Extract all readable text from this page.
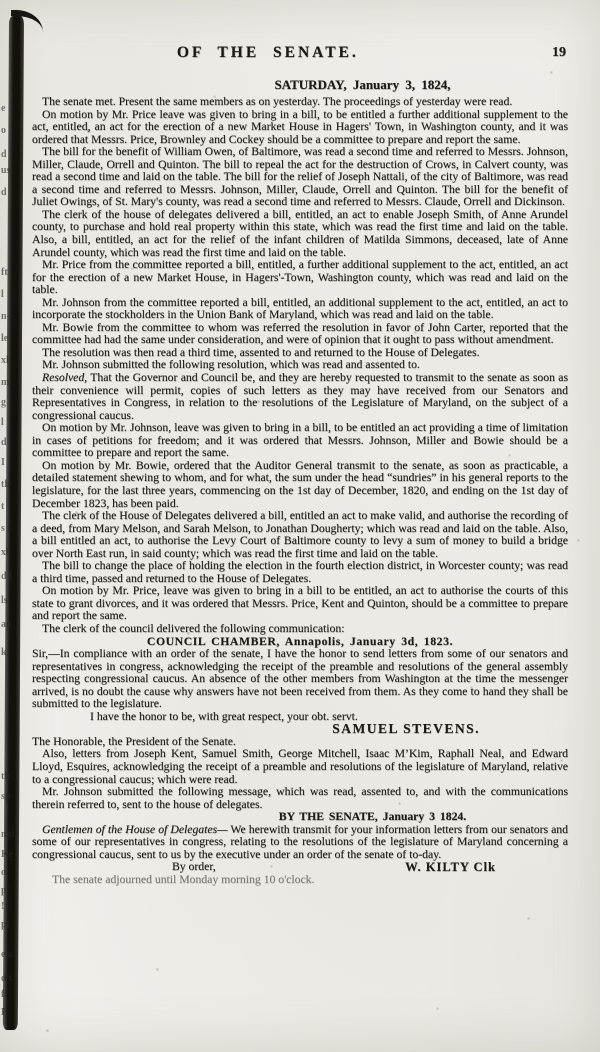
e
o
d
us
d
ft
l
n-
le
xl
m
g
l
d
I
th
t
s i
xl
d l
ls
an
k
th
sp
nai
Ke
o,
p’
!
pl
ess
d t
fi
F
OF THE SENATE.	19
SATURDAY, January 3, 1824,
The senate met. Present the same members as on yesterday. The proceedings of yesterday were read.
On motion by Mr. Price leave was given to bring in a bill, to be entitled a further additional supplement to the act, entitled, an act for the erection of a new Market House in Hagers' Town, in Washington county, and it was ordered that Messrs. Price, Brownley and Cockey should be a committee to prepare and report the same.
The bill for the benefit of William Owen, of Baltimore, was read a second time and referred to Messrs. Johnson, Miller, Claude, Orrell and Quinton. The bill to repeal the act for the destruction of Crows, in Calvert county, was read a second time and laid on the table. The bill for the relief of Joseph Nattali, of the city of Baltimore, was read a second time and referred to Messrs. Johnson, Miller, Claude, Orrell and Quinton. The bill for the benefit of Juliet Owings, of St. Mary's county, was read a second time and referred to Messrs. Claude, Orrell and Dickinson.
The clerk of the house of delegates delivered a bill, entitled, an act to enable Joseph Smith, of Anne Arundel county, to purchase and hold real property within this state, which was read the first time and laid on the table. Also, a bill, entitled, an act for the relief of the infant children of Matilda Simmons, deceased, late of Anne Arundel county, which was read the first time and laid on the table.
Mr. Price from the committee reported a bill, entitled, a further additional supplement to the act, entitled, an act for the erection of a new Market House, in Hagers'-Town, Washington county, which was read and laid on the table.
Mr. Johnson from the committee reported a bill, entitled, an additional supplement to the act, entitled, an act to incorporate the stockholders in the Union Bank of Maryland, which was read and laid on the table.
Mr. Bowie from the committee to whom was referred the resolution in favor of John Carter, reported that the committee had had the same under consideration, and were of opinion that it ought to pass without amendment.
The resolution was then read a third time, assented to and returned to the House of Delegates.
Mr. Johnson submitted the following resolution, which was read and assented to.
Resolved, That the Governor and Council be, and they are hereby requested to transmit to the senate as soon as their convenience will permit, copies of such letters as they may have received from our Senators and Representatives in Congress, in relation to the resolutions of the Legislature of Maryland, on the subject of a congressional caucus.
On motion by Mr. Johnson, leave was given to bring in a bill, to be entitled an act providing a time of limitation in cases of petitions for freedom; and it was ordered that Messrs. Johnson, Miller and Bowie should be a committee to prepare and report the same.
On motion by Mr. Bowie, ordered that the Auditor General transmit to the senate, as soon as practicable, a detailed statement shewing to whom, and for what, the sum under the head “sundries” in his general reports to the legislature, for the last three years, commencing on the 1st day of December, 1820, and ending on the 1st day of December 1823, has been paid.
The clerk of the House of Delegates delivered a bill, entitled an act to make valid, and authorise the recording of a deed, from Mary Melson, and Sarah Melson, to Jonathan Dougherty; which was read and laid on the table. Also, a bill entitled an act, to authorise the Levy Court of Baltimore county to levy a sum of money to build a bridge over North East run, in said county; which was read the first time and laid on the table.
The bill to change the place of holding the election in the fourth election district, in Worcester county; was read a third time, passed and returned to the House of Delegates.
On motion by Mr. Price, leave was given to bring in a bill to be entitled, an act to authorise the courts of this state to grant divorces, and it was ordered that Messrs. Price, Kent and Quinton, should be a committee to prepare and report the same.
The clerk of the council delivered the following communication:
COUNCIL CHAMBER, Annapolis, January 3d, 1823.
Sir,—In compliance with an order of the senate, I have the honor to send letters from some of our senators and representatives in congress, acknowledging the receipt of the preamble and resolutions of the general assembly respecting congressional caucus. An absence of the other members from Washington at the time the messenger arrived, is no doubt the cause why answers have not been received from them. As they come to hand they shall be submitted to the legislature.
I have the honor to be, with great respect, your obt. servt.
SAMUEL STEVENS.
The Honorable, the President of the Senate.
Also, letters from Joseph Kent, Samuel Smith, George Mitchell, Isaac M’Kim, Raphall Neal, and Edward Lloyd, Esquires, acknowledging the receipt of a preamble and resolutions of the legislature of Maryland, relative to a congressional caucus; which were read.
Mr. Johnson submitted the following message, which was read, assented to, and with the communications therein referred to, sent to the house of delegates.
BY THE SENATE, January 3 1824.
Gentlemen of the House of Delegates— We herewith transmit for your information letters from our senators and some of our representatives in congress, relating to the resolutions of the legislature of Maryland concerning a congressional caucus, sent to us by the executive under an order of the senate of to-day.
By order,	W. KILTY Clk
The senate adjourned until Monday morning 10 o'clock.
